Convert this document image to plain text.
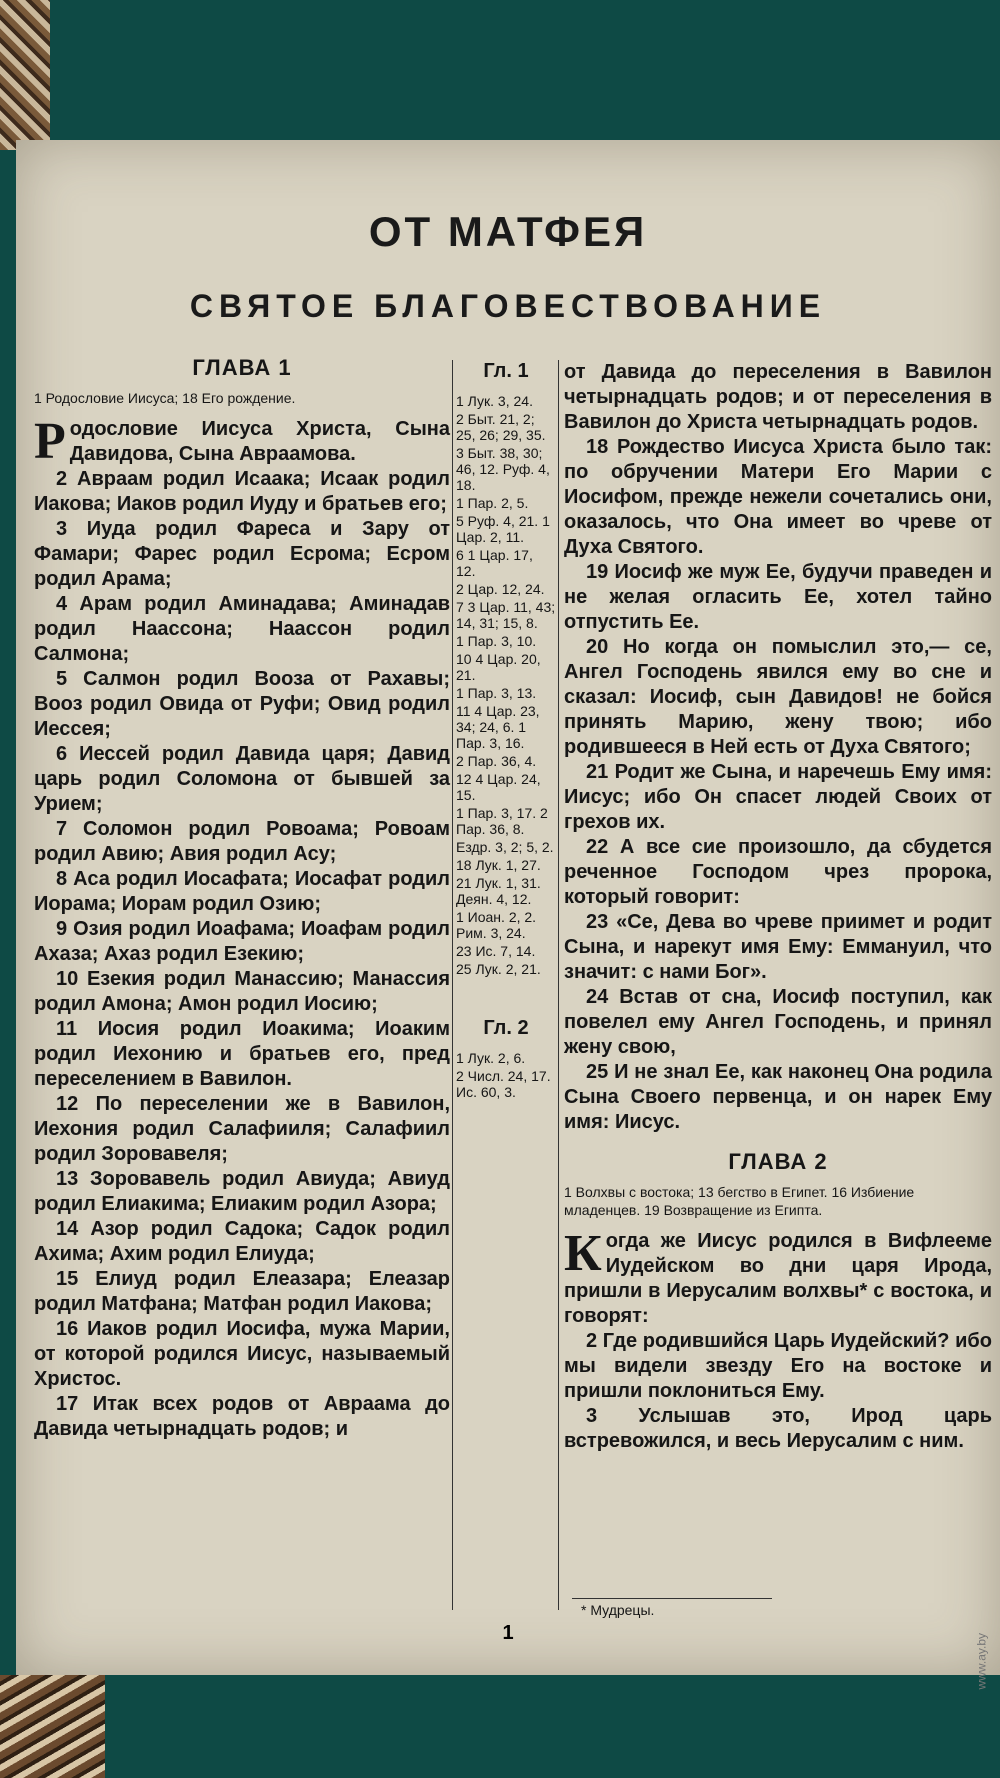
www.ay.by
ОТ МАТФЕЯ
СВЯТОЕ БЛАГОВЕСТВОВАНИЕ
ГЛАВА 1
1 Родословие Иисуса; 18 Его рождение.

Родословие Иисуса Христа, Сына Давидова, Сына Авраамова.

2 Авраам родил Исаака; Исаак родил Иакова; Иаков родил Иуду и братьев его;

3 Иуда родил Фареса и Зару от Фамари; Фарес родил Есрома; Есром родил Арама;

4 Арам родил Аминадава; Аминадав родил Наассона; Наассон родил Салмона;

5 Салмон родил Вооза от Рахавы; Вооз родил Овида от Руфи; Овид родил Иессея;

6 Иессей родил Давида царя; Давид царь родил Соломона от бывшей за Урием;

7 Соломон родил Ровоама; Ровоам родил Авию; Авия родил Асу;

8 Аса родил Иосафата; Иосафат родил Иорама; Иорам родил Озию;

9 Озия родил Иоафама; Иоафам родил Ахаза; Ахаз родил Езекию;

10 Езекия родил Манассию; Манассия родил Амона; Амон родил Иосию;

11 Иосия родил Иоакима; Иоаким родил Иехонию и братьев его, пред переселением в Вавилон.

12 По переселении же в Вавилон, Иехония родил Салафииля; Салафиил родил Зоровавеля;

13 Зоровавель родил Авиуда; Авиуд родил Елиакима; Елиаким родил Азора;

14 Азор родил Садока; Садок родил Ахима; Ахим родил Елиуда;

15 Елиуд родил Елеазара; Елеазар родил Матфана; Матфан родил Иакова;

16 Иаков родил Иосифа, мужа Марии, от которой родился Иисус, называемый Христос.

17 Итак всех родов от Авраама до Давида четырнадцать родов; и

Гл. 1
1 Лук. 3, 24.
2 Быт. 21, 2; 25, 26; 29, 35.
3 Быт. 38, 30; 46, 12. Руф. 4, 18.
1 Пар. 2, 5.
5 Руф. 4, 21. 1 Цар. 2, 11.
6 1 Цар. 17, 12.
2 Цар. 12, 24.
7 3 Цар. 11, 43; 14, 31; 15, 8.
1 Пар. 3, 10.
10 4 Цар. 20, 21.
1 Пар. 3, 13.
11 4 Цар. 23, 34; 24, 6. 1 Пар. 3, 16.
2 Пар. 36, 4.
12 4 Цар. 24, 15.
1 Пар. 3, 17. 2 Пар. 36, 8.
Ездр. 3, 2; 5, 2.
18 Лук. 1, 27.
21 Лук. 1, 31. Деян. 4, 12.
1 Иоан. 2, 2. Рим. 3, 24.
23 Ис. 7, 14.
25 Лук. 2, 21.
Гл. 2
1 Лук. 2, 6.
2 Числ. 24, 17. Ис. 60, 3.

от Давида до переселения в Вавилон четырнадцать родов; и от переселения в Вавилон до Христа четырнадцать родов.

18 Рождество Иисуса Христа было так: по обручении Матери Его Марии с Иосифом, прежде нежели сочетались они, оказалось, что Она имеет во чреве от Духа Святого.

19 Иосиф же муж Ее, будучи праведен и не желая огласить Ее, хотел тайно отпустить Ее.

20 Но когда он помыслил это,— се, Ангел Господень явился ему во сне и сказал: Иосиф, сын Давидов! не бойся принять Марию, жену твою; ибо родившееся в Ней есть от Духа Святого;

21 Родит же Сына, и наречешь Ему имя: Иисус; ибо Он спасет людей Своих от грехов их.

22 А все сие произошло, да сбудется реченное Господом чрез пророка, который говорит:

23 «Се, Дева во чреве приимет и родит Сына, и нарекут имя Ему: Еммануил, что значит: с нами Бог».

24 Встав от сна, Иосиф поступил, как повелел ему Ангел Господень, и принял жену свою,

25 И не знал Ее, как наконец Она родила Сына Своего первенца, и он нарек Ему имя: Иисус.

ГЛАВА 2
1 Волхвы с востока; 13 бегство в Египет. 16 Избиение младенцев. 19 Возвращение из Египта.

Когда же Иисус родился в Вифлееме Иудейском во дни царя Ирода, пришли в Иерусалим волхвы* с востока, и говорят:

2 Где родившийся Царь Иудейский? ибо мы видели звезду Его на востоке и пришли поклониться Ему.

3 Услышав это, Ирод царь встревожился, и весь Иерусалим с ним.

* Мудрецы.
1
